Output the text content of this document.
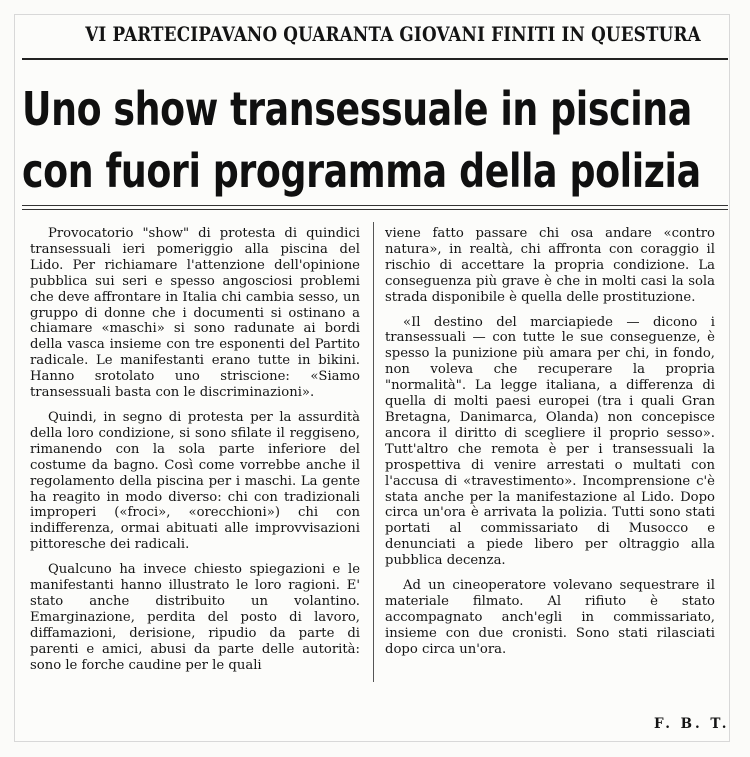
VI PARTECIPAVANO QUARANTA GIOVANI FINITI IN QUESTURA
Uno show transessuale in piscina
con fuori programma della polizia

Provocatorio "show" di protesta di quindici transessuali ieri pomeriggio alla piscina del Lido. Per richiamare l'attenzione dell'opinione pubblica sui seri e spesso angosciosi problemi che deve affrontare in Italia chi cambia sesso, un gruppo di donne che i documenti si ostinano a chiamare «maschi» si sono radunate ai bordi della vasca insieme con tre esponenti del Partito radicale. Le manifestanti erano tutte in bikini. Hanno srotolato uno striscione: «Siamo transessuali basta con le discriminazioni».

Quindi, in segno di protesta per la assurdità della loro condizione, si sono sfilate il reggiseno, rimanendo con la sola parte inferiore del costume da bagno. Così come vorrebbe anche il regolamento della piscina per i maschi. La gente ha reagito in modo diverso: chi con tradizionali improperi («froci», «orecchioni») chi con indifferenza, ormai abituati alle improvvisazioni pittoresche dei radicali.

Qualcuno ha invece chiesto spiegazioni e le manifestanti hanno illustrato le loro ragioni. E' stato anche distribuito un volantino. Emarginazione, perdita del posto di lavoro, diffamazioni, derisione, ripudio da parte di parenti e amici, abusi da parte delle autorità: sono le forche caudine per le quali

viene fatto passare chi osa andare «contro natura», in realtà, chi affronta con coraggio il rischio di accettare la propria condizione. La conseguenza più grave è che in molti casi la sola strada disponibile è quella delle prostituzione.

«Il destino del marciapiede — dicono i transessuali — con tutte le sue conseguenze, è spesso la punizione più amara per chi, in fondo, non voleva che recuperare la propria "normalità". La legge italiana, a differenza di quella di molti paesi europei (tra i quali Gran Bretagna, Danimarca, Olanda) non concepisce ancora il diritto di scegliere il proprio sesso». Tutt'altro che remota è per i transessuali la prospettiva di venire arrestati o multati con l'accusa di «travestimento». Incomprensione c'è stata anche per la manifestazione al Lido. Dopo circa un'ora è arrivata la polizia. Tutti sono stati portati al commissariato di Musocco e denunciati a piede libero per oltraggio alla pubblica decenza.

Ad un cineoperatore volevano sequestrare il materiale filmato. Al rifiuto è stato accompagnato anch'egli in commissariato, insieme con due cronisti. Sono stati rilasciati dopo circa un'ora.

F. B. T.
